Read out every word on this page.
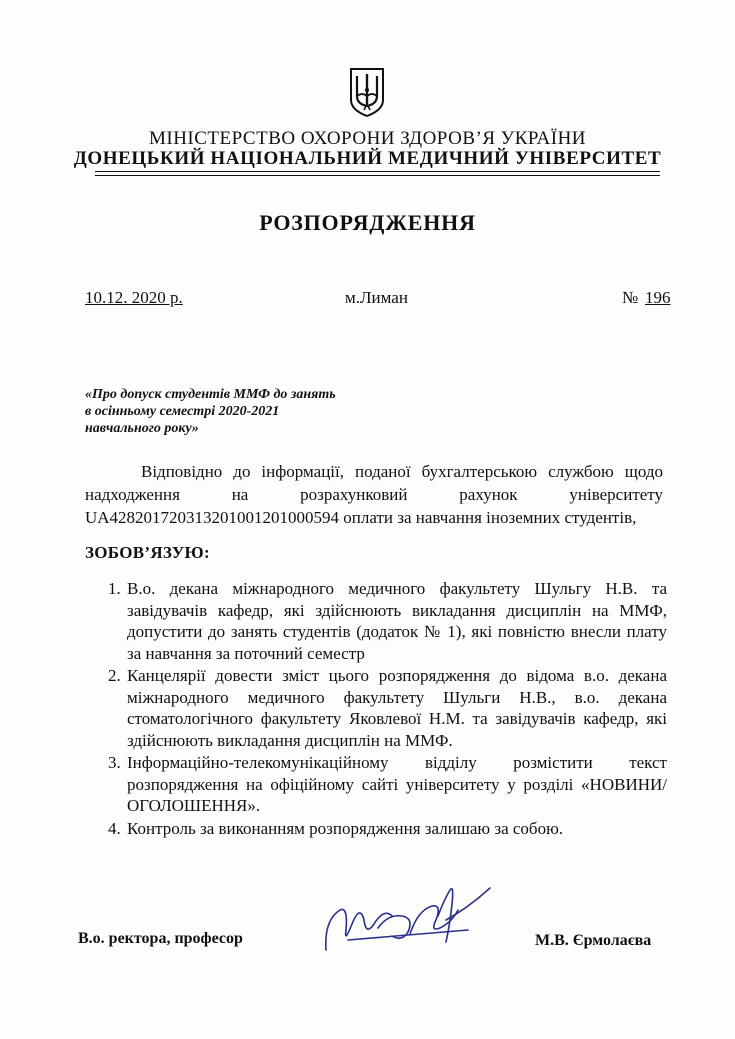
МІНІСТЕРСТВО ОХОРОНИ ЗДОРОВ’Я УКРАЇНИ
ДОНЕЦЬКИЙ НАЦІОНАЛЬНИЙ МЕДИЧНИЙ УНІВЕРСИТЕТ
РОЗПОРЯДЖЕННЯ
10.12. 2020 р.	м.Лиман	№ 196
«Про допуск студентів ММФ до занять в осінньому семестрі 2020-2021 навчального року»
Відповідно до інформації, поданої бухгалтерською службою щодо надходження на розрахунковий рахунок університету UA428201720313201001201000594 оплати за навчання іноземних студентів,
ЗОБОВ’ЯЗУЮ:
1. В.о. декана міжнародного медичного факультету Шульгу Н.В. та завідувачів кафедр, які здійснюють викладання дисциплін на ММФ, допустити до занять студентів (додаток № 1), які повністю внесли плату за навчання за поточний семестр
2. Канцелярії довести зміст цього розпорядження до відома в.о. декана міжнародного медичного факультету Шульги Н.В., в.о. декана стоматологічного факультету Яковлевої Н.М. та завідувачів кафедр, які здійснюють викладання дисциплін на ММФ.
3. Інформаційно-телекомунікаційному відділу розмістити текст розпорядження на офіційному сайті університету у розділі «НОВИНИ/ОГОЛОШЕННЯ».
4. Контроль за виконанням розпорядження залишаю за собою.
В.о. ректора, професор	М.В. Єрмолаєва
